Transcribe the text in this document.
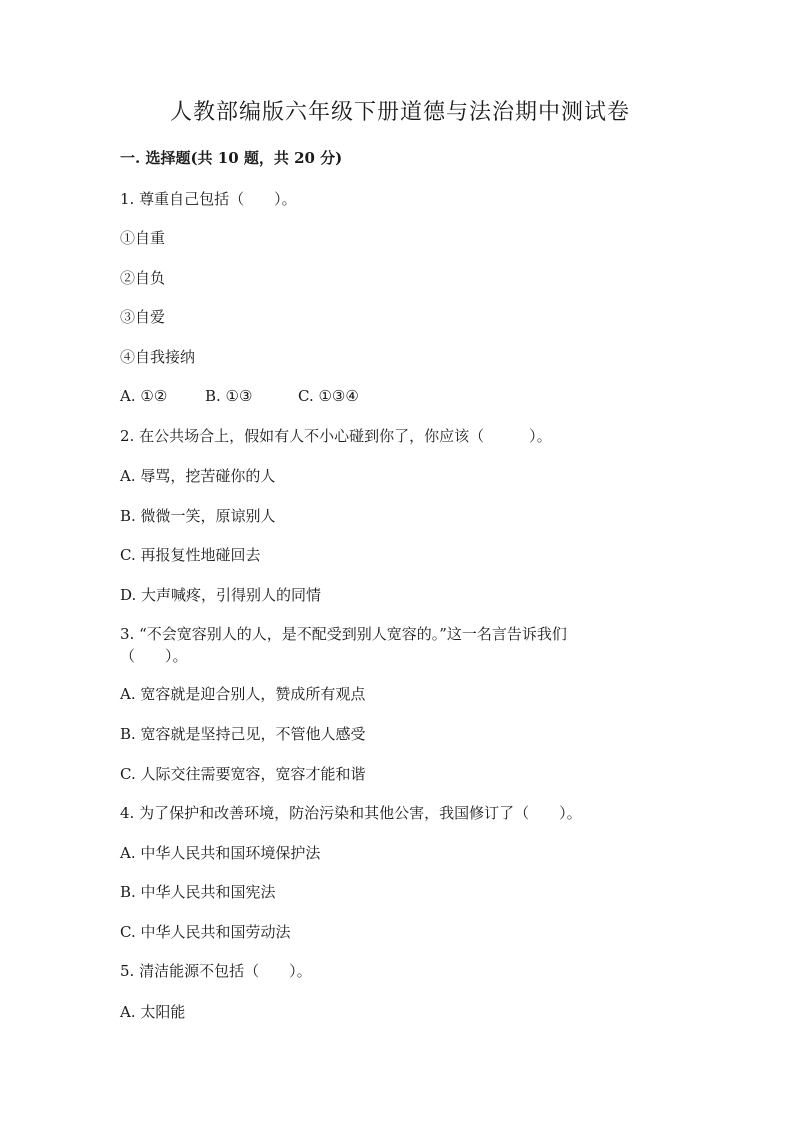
人教部编版六年级下册道德与法治期中测试卷
一. 选择题(共 10 题，共 20 分)
1. 尊重自己包括（　　）。
①自重
②自负
③自爱
④自我接纳
A. ①②	B. ①③	C. ①③④
2. 在公共场合上，假如有人不小心碰到你了，你应该（　　　）。
A. 辱骂，挖苦碰你的人
B. 微微一笑，原谅别人
C. 再报复性地碰回去
D. 大声喊疼，引得别人的同情
3. “不会宽容别人的人，是不配受到别人宽容的。”这一名言告诉我们
（　　）。
A. 宽容就是迎合别人，赞成所有观点
B. 宽容就是坚持己见，不管他人感受
C. 人际交往需要宽容，宽容才能和谐
4. 为了保护和改善环境，防治污染和其他公害，我国修订了（　　）。
A. 中华人民共和国环境保护法
B. 中华人民共和国宪法
C. 中华人民共和国劳动法
5. 清洁能源不包括（　　）。
A. 太阳能
